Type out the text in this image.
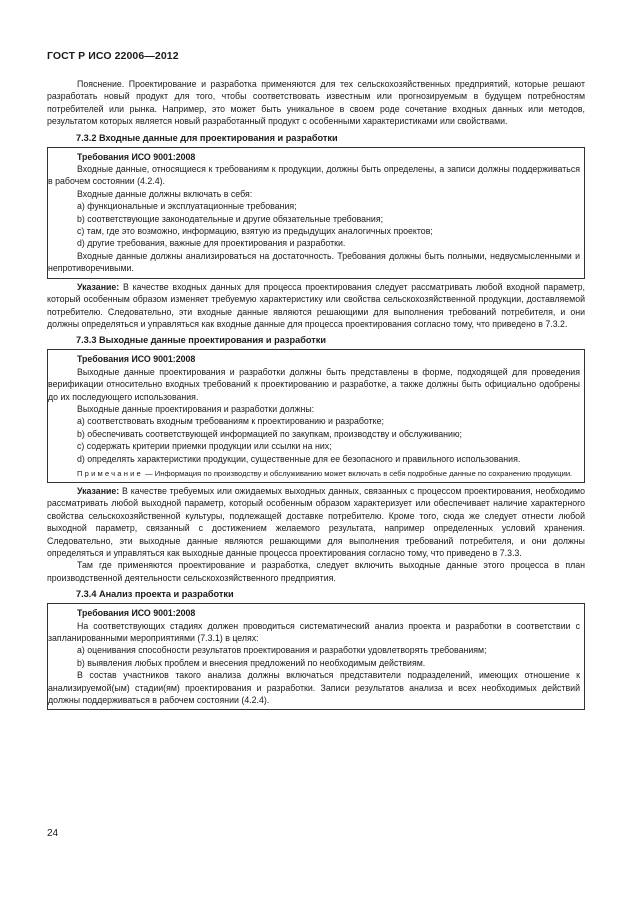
ГОСТ Р ИСО 22006—2012

Пояснение. Проектирование и разработка применяются для тех сельскохозяйственных предприятий, которые решают разработать новый продукт для того, чтобы соответствовать известным или прогнозируемым в будущем потребностям потребителей или рынка. Например, это может быть уникальное в своем роде сочетание входных данных или методов, результатом которых является новый разработанный продукт с особенными характеристиками или свойствами.

7.3.2 Входные данные для проектирования и разработки

Требования ИСО 9001:2008

Входные данные, относящиеся к требованиям к продукции, должны быть определены, а записи должны поддерживаться в рабочем состоянии (4.2.4).

Входные данные должны включать в себя:

a) функциональные и эксплуатационные требования;

b) соответствующие законодательные и другие обязательные требования;

c) там, где это возможно, информацию, взятую из предыдущих аналогичных проектов;

d) другие требования, важные для проектирования и разработки.

Входные данные должны анализироваться на достаточность. Требования должны быть полными, недвусмысленными и непротиворечивыми.

Указание: В качестве входных данных для процесса проектирования следует рассматривать любой входной параметр, который особенным образом изменяет требуемую характеристику или свойства сельскохозяйственной продукции, доставляемой потребителю. Следовательно, эти входные данные являются решающими для выполнения требований потребителя, и они должны определяться и управляться как входные данные для процесса проектирования согласно тому, что приведено в 7.3.2.

7.3.3 Выходные данные проектирования и разработки

Требования ИСО 9001:2008

Выходные данные проектирования и разработки должны быть представлены в форме, подходящей для проведения верификации относительно входных требований к проектированию и разработке, а также должны быть официально одобрены до их последующего использования.

Выходные данные проектирования и разработки должны:

a) соответствовать входным требованиям к проектированию и разработке;

b) обеспечивать соответствующей информацией по закупкам, производству и обслуживанию;

c) содержать критерии приемки продукции или ссылки на них;

d) определять характеристики продукции, существенные для ее безопасного и правильного использования.

Примечание — Информация по производству и обслуживанию может включать в себя подробные данные по сохранению продукции.

Указание: В качестве требуемых или ожидаемых выходных данных, связанных с процессом проектирования, необходимо рассматривать любой выходной параметр, который особенным образом характеризует или обеспечивает наличие характерного свойства сельскохозяйственной культуры, подлежащей доставке потребителю. Кроме того, сюда же следует отнести любой выходной параметр, связанный с достижением желаемого результата, например определенных условий хранения. Следовательно, эти выходные данные являются решающими для выполнения требований потребителя, и они должны определяться и управляться как выходные данные процесса проектирования согласно тому, что приведено в 7.3.3.

Там где применяются проектирование и разработка, следует включить выходные данные этого процесса в план производственной деятельности сельскохозяйственного предприятия.

7.3.4 Анализ проекта и разработки

Требования ИСО 9001:2008

На соответствующих стадиях должен проводиться систематический анализ проекта и разработки в соответствии с запланированными мероприятиями (7.3.1) в целях:

a) оценивания способности результатов проектирования и разработки удовлетворять требованиям;

b) выявления любых проблем и внесения предложений по необходимым действиям.

В состав участников такого анализа должны включаться представители подразделений, имеющих отношение к анализируемой(ым) стадии(ям) проектирования и разработки. Записи результатов анализа и всех необходимых действий должны поддерживаться в рабочем состоянии (4.2.4).

24
